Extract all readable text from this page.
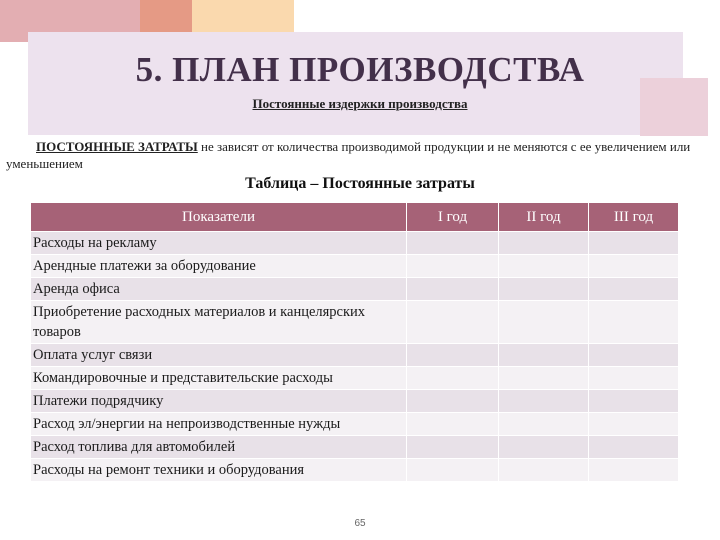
5. ПЛАН ПРОИЗВОДСТВА
Постоянные издержки производства
ПОСТОЯННЫЕ ЗАТРАТЫ не зависят от количества производимой продукции и не меняются с ее увеличением или уменьшением
Таблица – Постоянные затраты
Показатели	I год	II год	III год
Расходы на рекламу			
Арендные платежи за оборудование			
Аренда офиса			
Приобретение расходных материалов и канцелярских товаров			
Оплата услуг связи			
Командировочные и представительские расходы			
Платежи подрядчику			
Расход эл/энергии на непроизводственные нужды			
Расход топлива для автомобилей			
Расходы на ремонт техники и оборудования			
65
